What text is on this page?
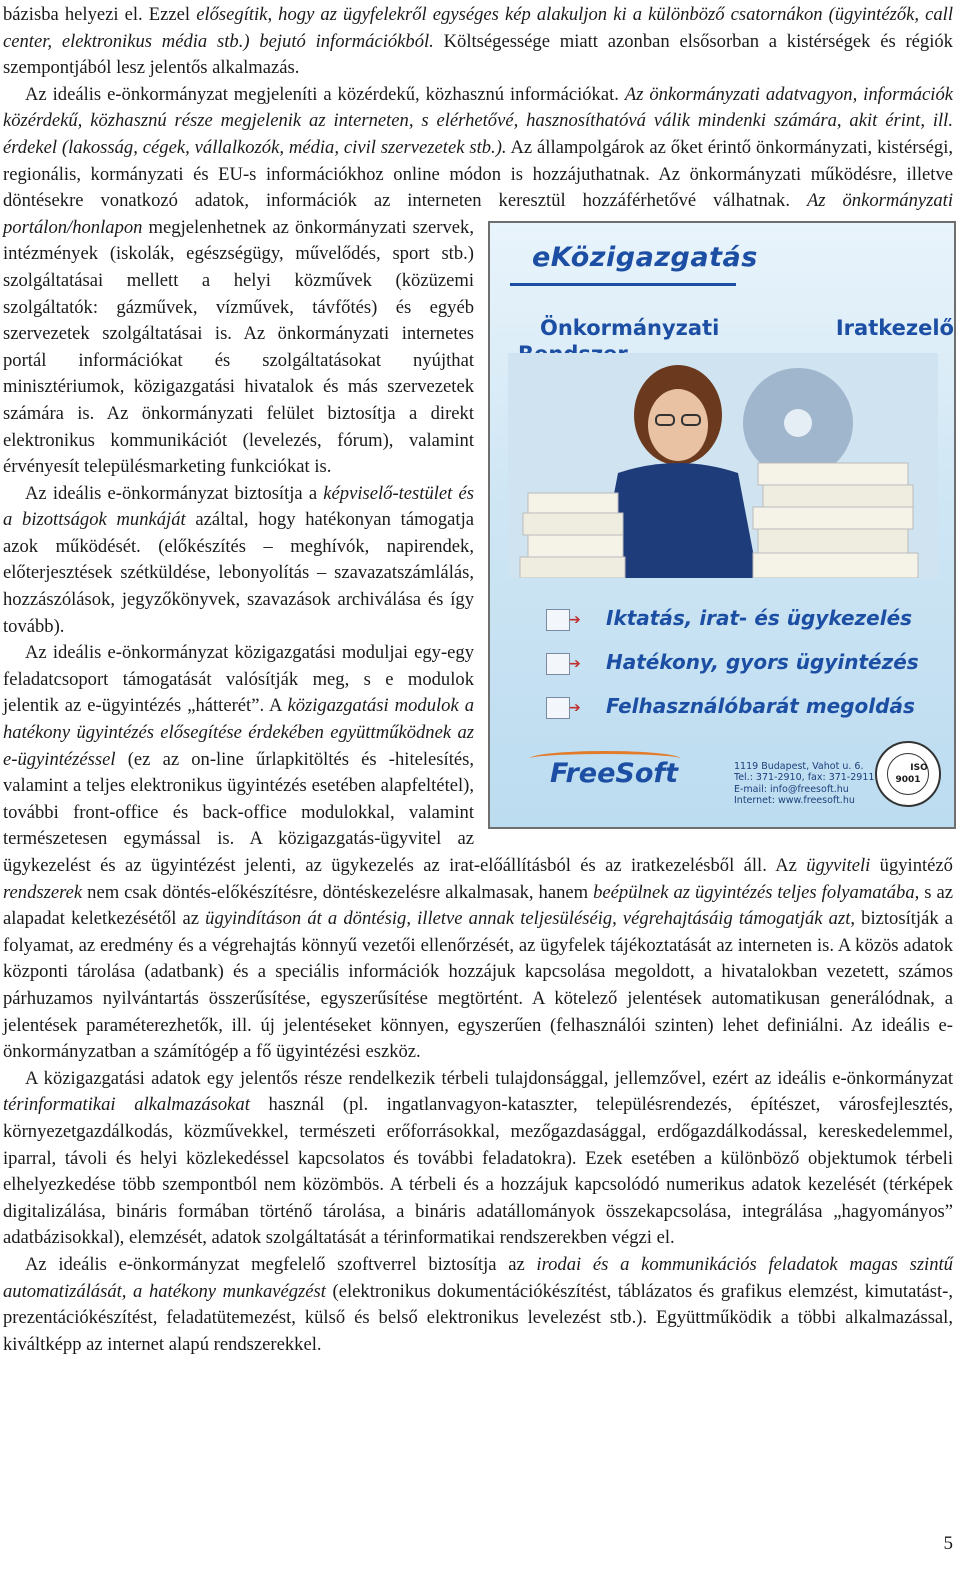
bázisba helyezi el. Ezzel elősegítik, hogy az ügyfelekről egységes kép alakuljon ki a különböző csatornákon (ügyintézők, call center, elektronikus média stb.) bejutó információkból. Költségessége miatt azonban elsősorban a kistérségek és régiók szempontjából lesz jelentős alkalmazás.

Az ideális e-önkormányzat megjeleníti a közérdekű, közhasznú információkat. Az önkormányzati adatvagyon, információk közérdekű, közhasznú része megjelenik az interneten, s elérhetővé, hasznosíthatóvá válik mindenki számára, akit érint, ill. érdekel (lakosság, cégek, vállalkozók, média, civil szervezetek stb.). Az állampolgárok az őket érintő önkormányzati, kistérségi, regionális, kormányzati és EU-s információkhoz online módon is hozzájuthatnak. Az önkormányzati működésre, illetve döntésekre vonatkozó adatok, információk az interneten keresztül hozzáférhetővé válhatnak. Az önkormányzati portálon/honlapon
eKözigazgatás
Önkormányzati Iratkezelő
➔	Iktatás, irat- és ügykezelés
➔	Hatékony, gyors ügyintézés
➔	Felhasználóbarát megoldás
FreeSoft	1119 Budapest, Vahot u. 6.
Tel.: 371-2910, fax: 371-2911
E-mail: info@freesoft.hu
Internet: www.freesoft.hu
ISO 9001
megjelenhetnek az önkormányzati szervek, intézmények (iskolák, egészségügy, művelődés, sport stb.) szolgáltatásai mellett a helyi közművek (közüzemi szolgáltatók: gázművek, vízművek, távfőtés) és egyéb szervezetek szolgáltatásai is. Az önkormányzati internetes portál információkat és szolgáltatásokat nyújthat minisztériumok, közigazgatási hivatalok és más szervezetek számára is. Az önkormányzati felület biztosítja a direkt elektronikus kommunikációt (levelezés, fórum), valamint érvényesít településmarketing funkciókat is.

Az ideális e-önkormányzat biztosítja a képviselő-testület és a bizottságok munkáját azáltal, hogy hatékonyan támogatja azok működését. (előkészítés – meghívók, napirendek, előterjesztések szétküldése, lebonyolítás – szavazatszámlálás, hozzászólások, jegyzőkönyvek, szavazások archiválása és így tovább).

Az ideális e-önkormányzat közigazgatási moduljai egy-egy feladatcsoport támogatását valósítják meg, s e modulok jelentik az e-ügyintézés „hátterét”. A közigazgatási modulok a hatékony ügyintézés elősegítése érdekében együttműködnek az e-ügyintézéssel (ez az on-line űrlapkitöltés és -hitelesítés, valamint a teljes elektronikus ügyintézés esetében alapfeltétel), további front-office és back-office modulokkal, valamint természetesen egymással is. A közigazgatás-ügyvitel az ügykezelést és az ügyintézést jelenti, az ügykezelés az irat-előállításból és az iratkezelésből áll. Az ügyviteli ügyintéző rendszerek nem csak döntés-előkészítésre, döntéskezelésre alkalmasak, hanem beépülnek az ügyintézés teljes folyamatába, s az alapadat keletkezésétől az ügyindításon át a döntésig, illetve annak teljesüléséig, végrehajtásáig támogatják azt, biztosítják a folyamat, az eredmény és a végrehajtás könnyű vezetői ellenőrzését, az ügyfelek tájékoztatását az interneten is. A közös adatok központi tárolása (adatbank) és a speciális információk hozzájuk kapcsolása megoldott, a hivatalokban vezetett, számos párhuzamos nyilvántartás összerűsítése, egyszerűsítése megtörtént. A kötelező jelentések automatikusan generálódnak, a jelentések paraméterezhetők, ill. új jelentéseket könnyen, egyszerűen (felhasználói szinten) lehet definiálni. Az ideális e-önkormányzatban a számítógép a fő ügyintézési eszköz.

A közigazgatási adatok egy jelentős része rendelkezik térbeli tulajdonsággal, jellemzővel, ezért az ideális e-önkormányzat térinformatikai alkalmazásokat használ (pl. ingatlanvagyon-kataszter, településrendezés, építészet, városfejlesztés, környezetgazdálkodás, közművekkel, természeti erőforrásokkal, mezőgazdasággal, erdőgazdálkodással, kereskedelemmel, iparral, távoli és helyi közlekedéssel kapcsolatos és további feladatokra). Ezek esetében a különböző objektumok térbeli elhelyezkedése több szempontból nem közömbös. A térbeli és a hozzájuk kapcsolódó numerikus adatok kezelését (térképek digitalizálása, bináris formában történő tárolása, a bináris adatállományok összekapcsolása, integrálása „hagyományos” adatbázisokkal), elemzését, adatok szolgáltatását a térinformatikai rendszerekben végzi el.

Az ideális e-önkormányzat megfelelő szoftverrel biztosítja az irodai és a kommunikációs feladatok magas szintű automatizálását, a hatékony munkavégzést (elektronikus dokumentációkészítést, táblázatos és grafikus elemzést, kimutatást-, prezentációkészítést, feladatütemezést, külső és belső elektronikus levelezést stb.). Együttműködik a többi alkalmazással, kiváltképp az internet alapú rendszerekkel.

5
